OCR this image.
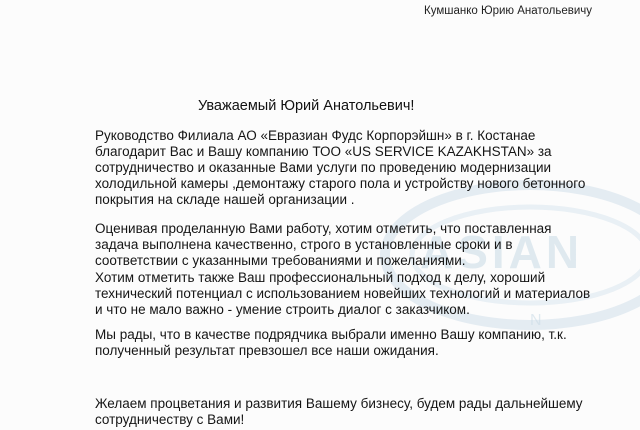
ASIAN
N
Кумшанко Юрию Анатольевичу
Уважаемый Юрий Анатольевич!

Руководство Филиала АО «Евразиан Фудс Корпорэйшн» в г. Костанае
благодарит Вас и Вашу компанию ТОО «US SERVICE KAZAKHSTAN» за
сотрудничество и оказанные Вами услуги по проведению модернизации
холодильной камеры ,демонтажу старого пола и устройству нового бетонного
покрытия на складе нашей организации .

Оценивая проделанную Вами работу, хотим отметить, что поставленная
задача выполнена качественно, строго в установленные сроки и в
соответствии с указанными требованиями и пожеланиями.

Хотим отметить также Ваш профессиональный подход к делу, хороший
технический потенциал с использованием новейших технологий и материалов
и что не мало важно - умение строить диалог с заказчиком.

Мы рады, что в качестве подрядчика выбрали именно Вашу компанию, т.к.
полученный результат превзошел все наши ожидания.

Желаем процветания и развития Вашему бизнесу, будем рады дальнейшему
сотрудничеству с Вами!
